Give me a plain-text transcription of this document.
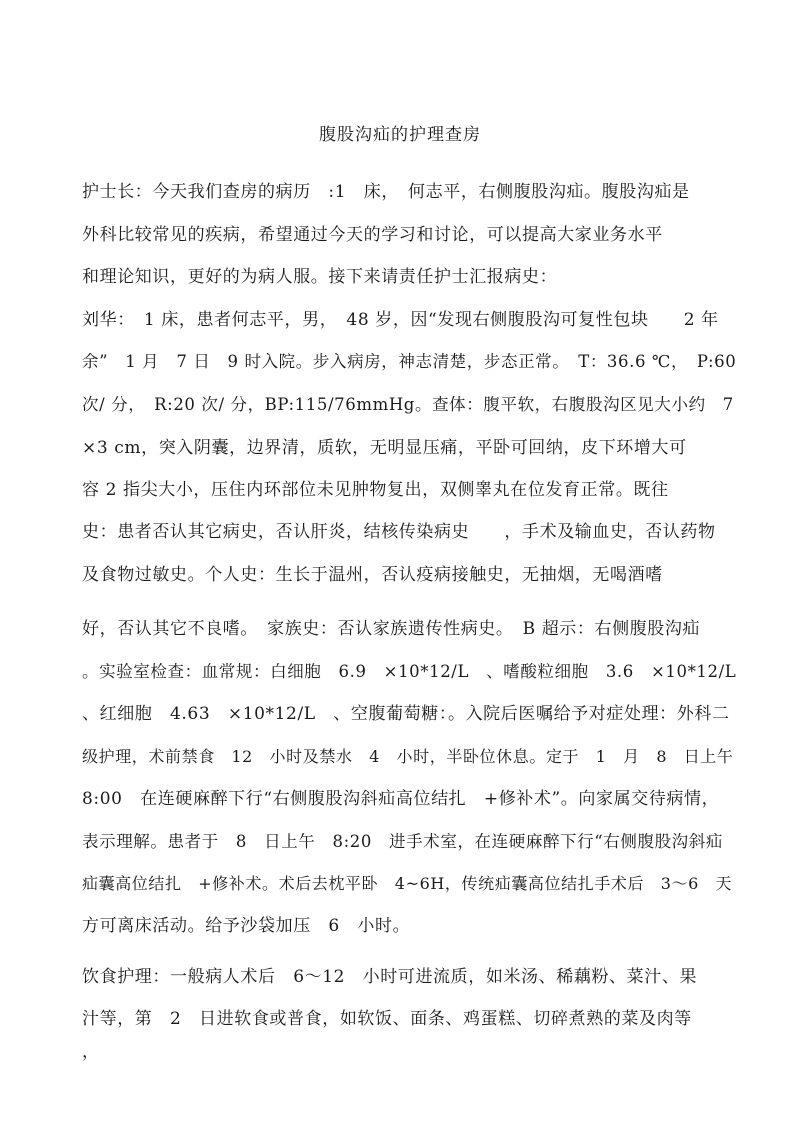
腹股沟疝的护理查房
护士长：今天我们查房的病历　:1　床，　何志平，右侧腹股沟疝。腹股沟疝是
外科比较常见的疾病，希望通过今天的学习和讨论，可以提高大家业务水平
和理论知识，更好的为病人服。接下来请责任护士汇报病史：
刘华：　1 床，患者何志平，男，　48 岁，因“发现右侧腹股沟可复性包块　　2 年
余”　1 月　7 日　9 时入院。步入病房，神志清楚，步态正常。　T：36.6 ℃，　P:60
次/ 分，　R:20 次/ 分，BP:115/76mmHg。查体：腹平软，右腹股沟区见大小约　7
×3 cm，突入阴囊，边界清，质软，无明显压痛，平卧可回纳，皮下环增大可
容 2 指尖大小，压住内环部位未见肿物复出，双侧睾丸在位发育正常。既往
史：患者否认其它病史，否认肝炎，结核传染病史　　，手术及输血史，否认药物
及食物过敏史。个人史：生长于温州，否认疫病接触史，无抽烟，无喝酒嗜
好，否认其它不良嗜。　家族史：否认家族遗传性病史。　B 超示：右侧腹股沟疝
。实验室检查：血常规：白细胞　6.9　×10*12/L　、嗜酸粒细胞　3.6　×10*12/L
、红细胞　4.63　×10*12/L　、空腹葡萄糖：。入院后医嘱给予对症处理：外科二
级护理，术前禁食　12　小时及禁水　4　小时，半卧位休息。定于　1　月　8　日上午
8:00　在连硬麻醉下行“右侧腹股沟斜疝高位结扎　+修补术”。向家属交待病情，
表示理解。患者于　8　日上午　8:20　进手术室，在连硬麻醉下行“右侧腹股沟斜疝
疝囊高位结扎　+修补术。术后去枕平卧　4~6H，传统疝囊高位结扎手术后　3～6　天
方可离床活动。给予沙袋加压　6　小时。
饮食护理：一般病人术后　6～12　小时可进流质，如米汤、稀藕粉、菜汁、果
汁等，第　2　日进软食或普食，如软饭、面条、鸡蛋糕、切碎煮熟的菜及肉等
，
